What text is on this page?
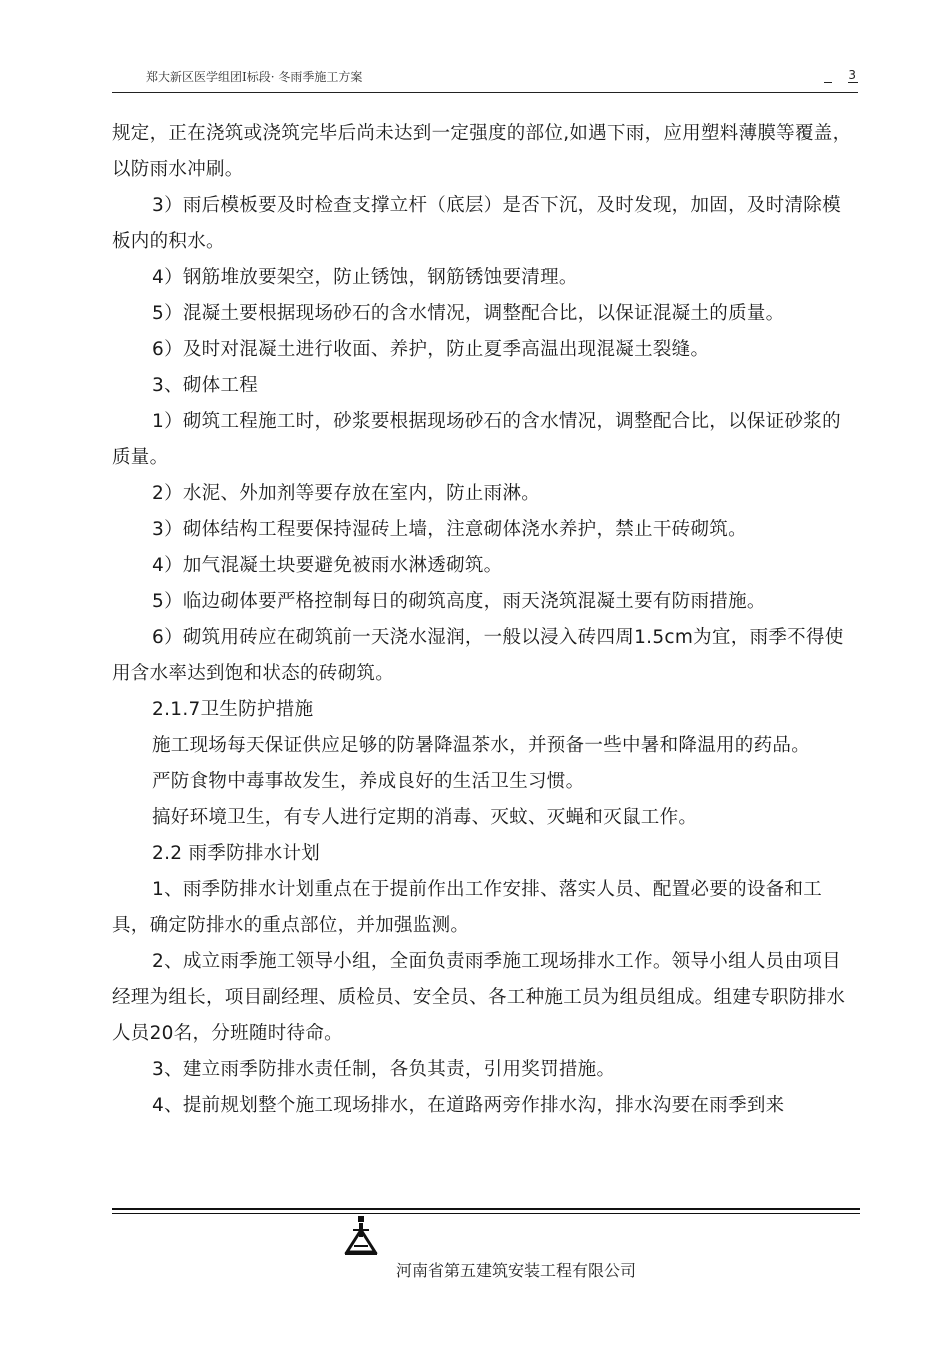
郑大新区医学组团Ⅰ标段· 冬雨季施工方案	3

规定，正在浇筑或浇筑完毕后尚未达到一定强度的部位,如遇下雨，应用塑料薄膜等覆盖，以防雨水冲刷。

3）雨后模板要及时检查支撑立杆（底层）是否下沉，及时发现，加固，及时清除模板内的积水。

4）钢筋堆放要架空，防止锈蚀，钢筋锈蚀要清理。

5）混凝土要根据现场砂石的含水情况，调整配合比，以保证混凝土的质量。

6）及时对混凝土进行收面、养护，防止夏季高温出现混凝土裂缝。

3、砌体工程

1）砌筑工程施工时，砂浆要根据现场砂石的含水情况，调整配合比，以保证砂浆的质量。

2）水泥、外加剂等要存放在室内，防止雨淋。

3）砌体结构工程要保持湿砖上墙，注意砌体浇水养护，禁止干砖砌筑。

4）加气混凝土块要避免被雨水淋透砌筑。

5）临边砌体要严格控制每日的砌筑高度，雨天浇筑混凝土要有防雨措施。

6）砌筑用砖应在砌筑前一天浇水湿润，一般以浸入砖四周1.5cm为宜，雨季不得使用含水率达到饱和状态的砖砌筑。

2.1.7卫生防护措施

施工现场每天保证供应足够的防暑降温茶水，并预备一些中暑和降温用的药品。

严防食物中毒事故发生，养成良好的生活卫生习惯。

搞好环境卫生，有专人进行定期的消毒、灭蚊、灭蝇和灭鼠工作。

2.2 雨季防排水计划

1、雨季防排水计划重点在于提前作出工作安排、落实人员、配置必要的设备和工具，确定防排水的重点部位，并加强监测。

2、成立雨季施工领导小组，全面负责雨季施工现场排水工作。领导小组人员由项目经理为组长，项目副经理、质检员、安全员、各工种施工员为组员组成。组建专职防排水人员20名，分班随时待命。

3、建立雨季防排水责任制，各负其责，引用奖罚措施。

4、提前规划整个施工现场排水，在道路两旁作排水沟，排水沟要在雨季到来

河南省第五建筑安装工程有限公司
